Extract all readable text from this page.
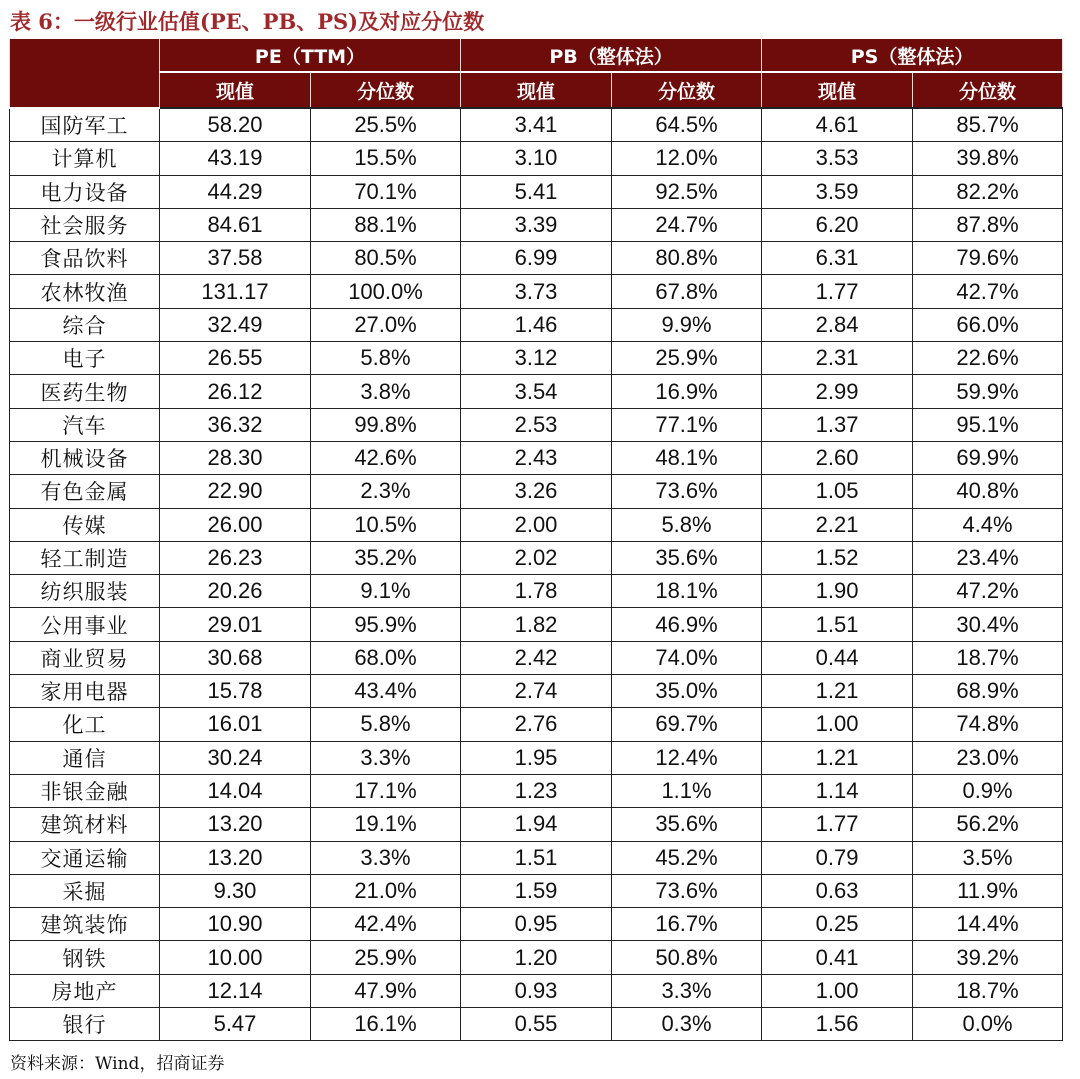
表 6：一级行业估值(PE、PB、PS)及对应分位数
	PE（TTM）		PB（整体法）		PS（整体法）	
	现值	分位数	现值	分位数	现值	分位数
国防军工	58.20	25.5%	3.41	64.5%	4.61	85.7%
计算机	43.19	15.5%	3.10	12.0%	3.53	39.8%
电力设备	44.29	70.1%	5.41	92.5%	3.59	82.2%
社会服务	84.61	88.1%	3.39	24.7%	6.20	87.8%
食品饮料	37.58	80.5%	6.99	80.8%	6.31	79.6%
农林牧渔	131.17	100.0%	3.73	67.8%	1.77	42.7%
综合	32.49	27.0%	1.46	9.9%	2.84	66.0%
电子	26.55	5.8%	3.12	25.9%	2.31	22.6%
医药生物	26.12	3.8%	3.54	16.9%	2.99	59.9%
汽车	36.32	99.8%	2.53	77.1%	1.37	95.1%
机械设备	28.30	42.6%	2.43	48.1%	2.60	69.9%
有色金属	22.90	2.3%	3.26	73.6%	1.05	40.8%
传媒	26.00	10.5%	2.00	5.8%	2.21	4.4%
轻工制造	26.23	35.2%	2.02	35.6%	1.52	23.4%
纺织服装	20.26	9.1%	1.78	18.1%	1.90	47.2%
公用事业	29.01	95.9%	1.82	46.9%	1.51	30.4%
商业贸易	30.68	68.0%	2.42	74.0%	0.44	18.7%
家用电器	15.78	43.4%	2.74	35.0%	1.21	68.9%
化工	16.01	5.8%	2.76	69.7%	1.00	74.8%
通信	30.24	3.3%	1.95	12.4%	1.21	23.0%
非银金融	14.04	17.1%	1.23	1.1%	1.14	0.9%
建筑材料	13.20	19.1%	1.94	35.6%	1.77	56.2%
交通运输	13.20	3.3%	1.51	45.2%	0.79	3.5%
采掘	9.30	21.0%	1.59	73.6%	0.63	11.9%
建筑装饰	10.90	42.4%	0.95	16.7%	0.25	14.4%
钢铁	10.00	25.9%	1.20	50.8%	0.41	39.2%
房地产	12.14	47.9%	0.93	3.3%	1.00	18.7%
银行	5.47	16.1%	0.55	0.3%	1.56	0.0%
资料来源：Wind，招商证券
